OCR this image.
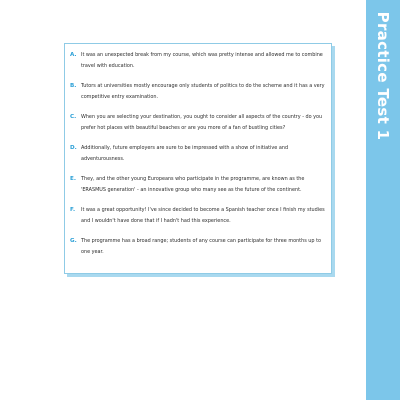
Practice Test 1
A. It was an unexpected break from my course, which was pretty intense and allowed me to combine travel with education.
B. Tutors at universities mostly encourage only students of politics to do the scheme and it has a very competitive entry examination.
C. When you are selecting your destination, you ought to consider all aspects of the country - do you prefer hot places with beautiful beaches or are you more of a fan of bustling cities?
D. Additionally, future employers are sure to be impressed with a show of initiative and adventurousness.
E.	They, and the other young Europeans who participate in the programme, are known as the 'ERASMUS generation' - an innovative group who many see as the future of the continent.
F.	It was a great opportunity! I've since decided to become a Spanish teacher once I finish my studies and I wouldn't have done that if I hadn't had this experience.
G. The programme has a broad range; students of any course can participate for three months up to one year.
